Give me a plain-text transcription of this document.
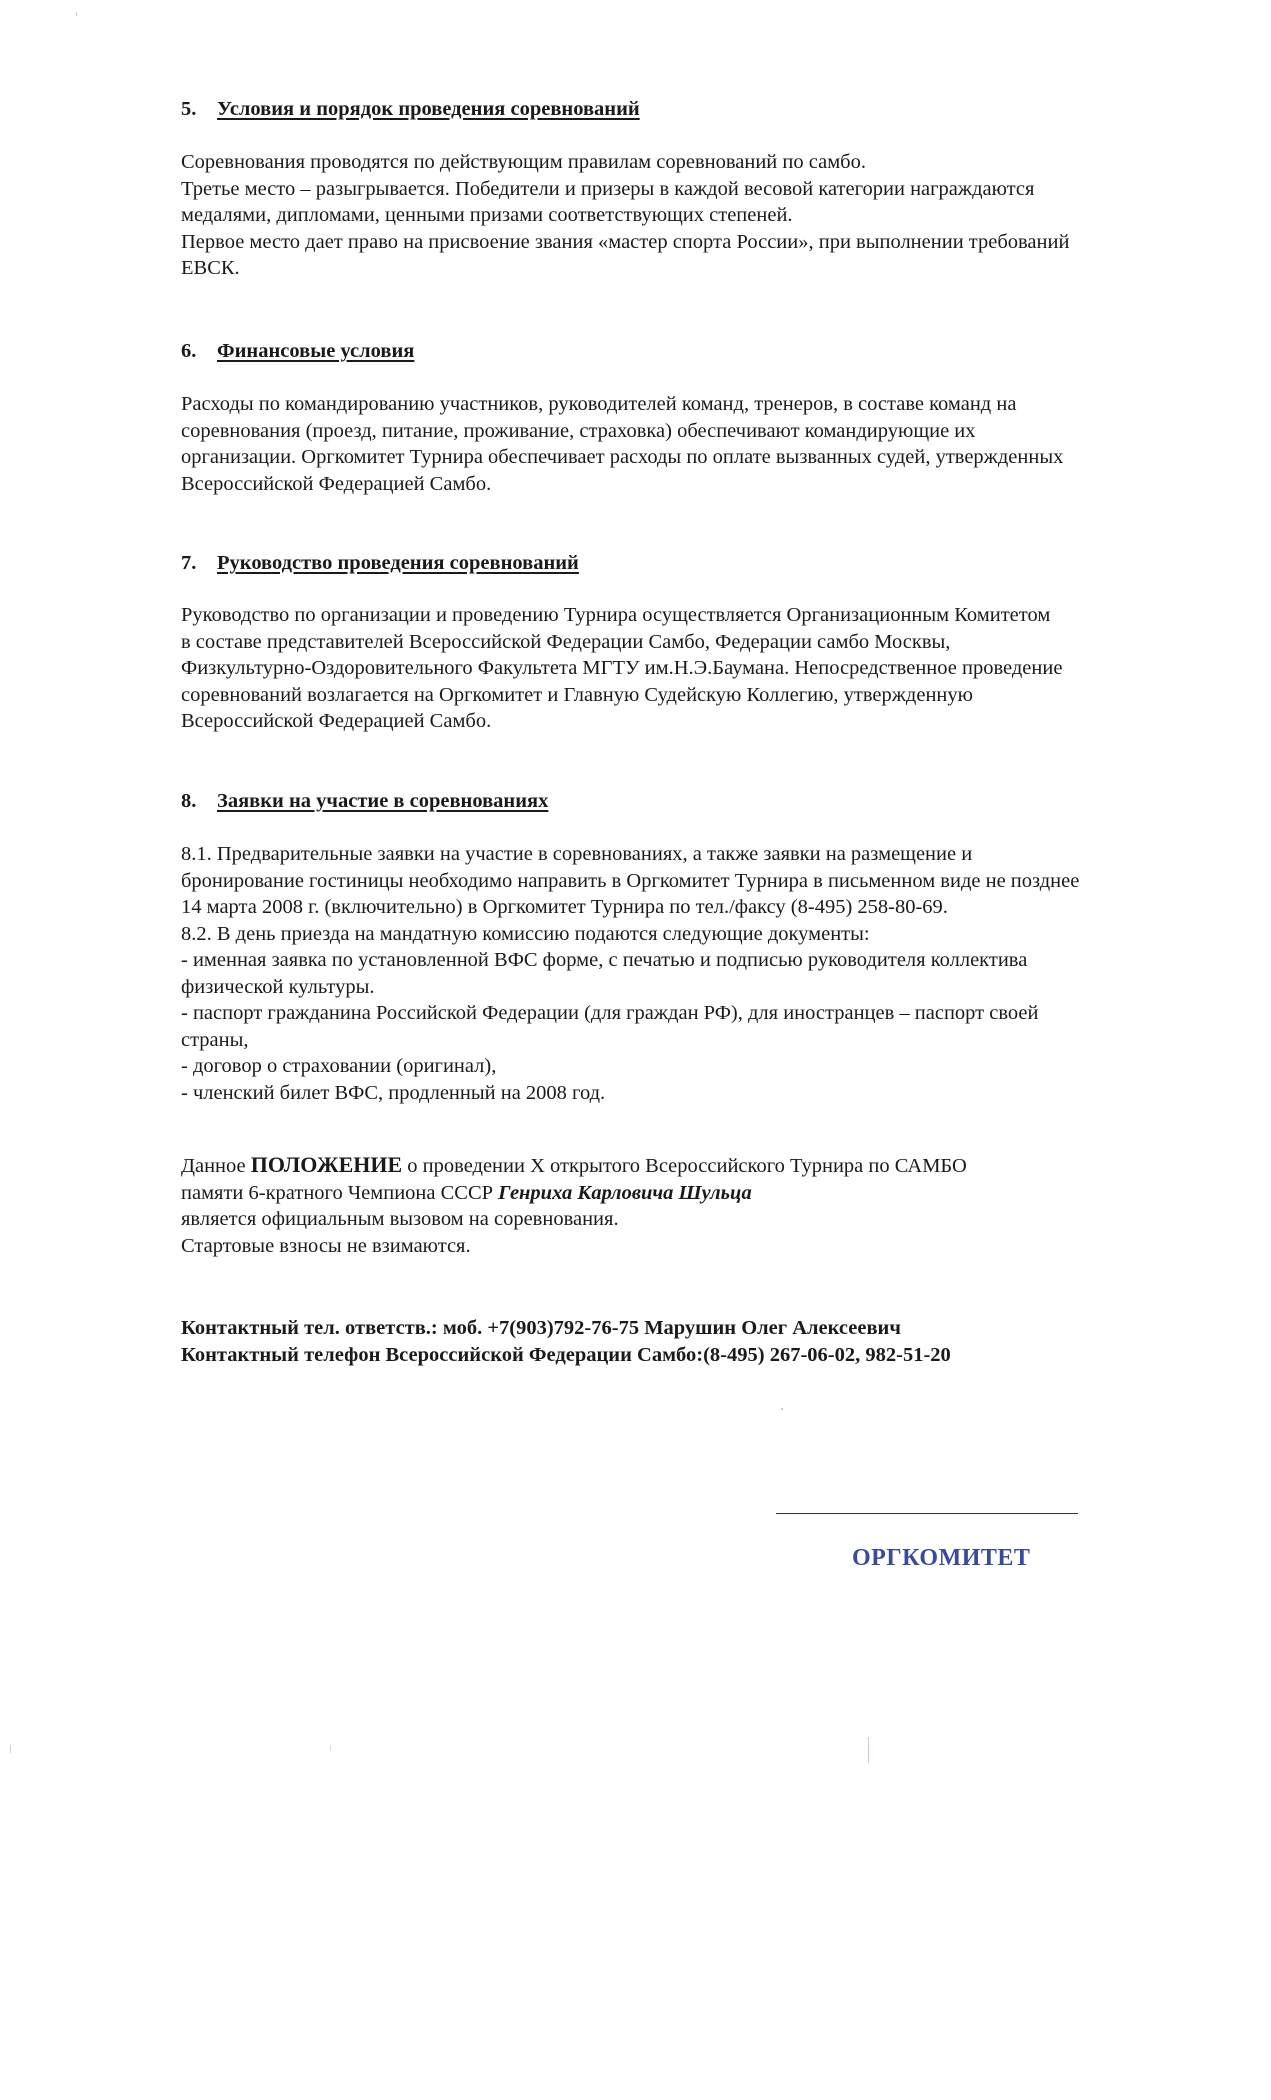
5. Условия и порядок проведения соревнований
Соревнования проводятся по действующим правилам соревнований по самбо.
Третье место – разыгрывается. Победители и призеры в каждой весовой категории награждаются
медалями, дипломами, ценными призами соответствующих степеней.
Первое место дает право на присвоение звания «мастер спорта России», при выполнении требований
ЕВСК.
6. Финансовые условия
Расходы по командированию участников, руководителей команд, тренеров, в составе команд на
соревнования (проезд, питание, проживание, страховка) обеспечивают командирующие их
организации. Оргкомитет Турнира обеспечивает расходы по оплате вызванных судей, утвержденных
Всероссийской Федерацией Самбо.
7. Руководство проведения соревнований
Руководство по организации и проведению Турнира осуществляется Организационным Комитетом
в составе представителей Всероссийской Федерации Самбо, Федерации самбо Москвы,
Физкультурно-Оздоровительного Факультета МГТУ им.Н.Э.Баумана. Непосредственное проведение
соревнований возлагается на Оргкомитет и Главную Судейскую Коллегию, утвержденную
Всероссийской Федерацией Самбо.
8. Заявки на участие в соревнованиях
8.1. Предварительные заявки на участие в соревнованиях, а также заявки на размещение и
бронирование гостиницы необходимо направить в Оргкомитет Турнира в письменном виде не позднее
14 марта 2008 г. (включительно) в Оргкомитет Турнира по тел./факсу (8-495) 258-80-69.
8.2. В день приезда на мандатную комиссию подаются следующие документы:
- именная заявка по установленной ВФС форме, с печатью и подписью руководителя коллектива
физической культуры.
- паспорт гражданина Российской Федерации (для граждан РФ), для иностранцев – паспорт своей
страны,
- договор о страховании (оригинал),
- членский билет ВФС, продленный на 2008 год.
Данное ПОЛОЖЕНИЕ о проведении Х открытого Всероссийского Турнира по САМБО
памяти 6-кратного Чемпиона СССР Генриха Карловича Шульца
является официальным вызовом на соревнования.
Стартовые взносы не взимаются.
Контактный тел. ответств.: моб. +7(903)792-76-75 Марушин Олег Алексеевич
Контактный телефон Всероссийской Федерации Самбо:(8-495) 267-06-02, 982-51-20
ОРГКОМИТЕТ
